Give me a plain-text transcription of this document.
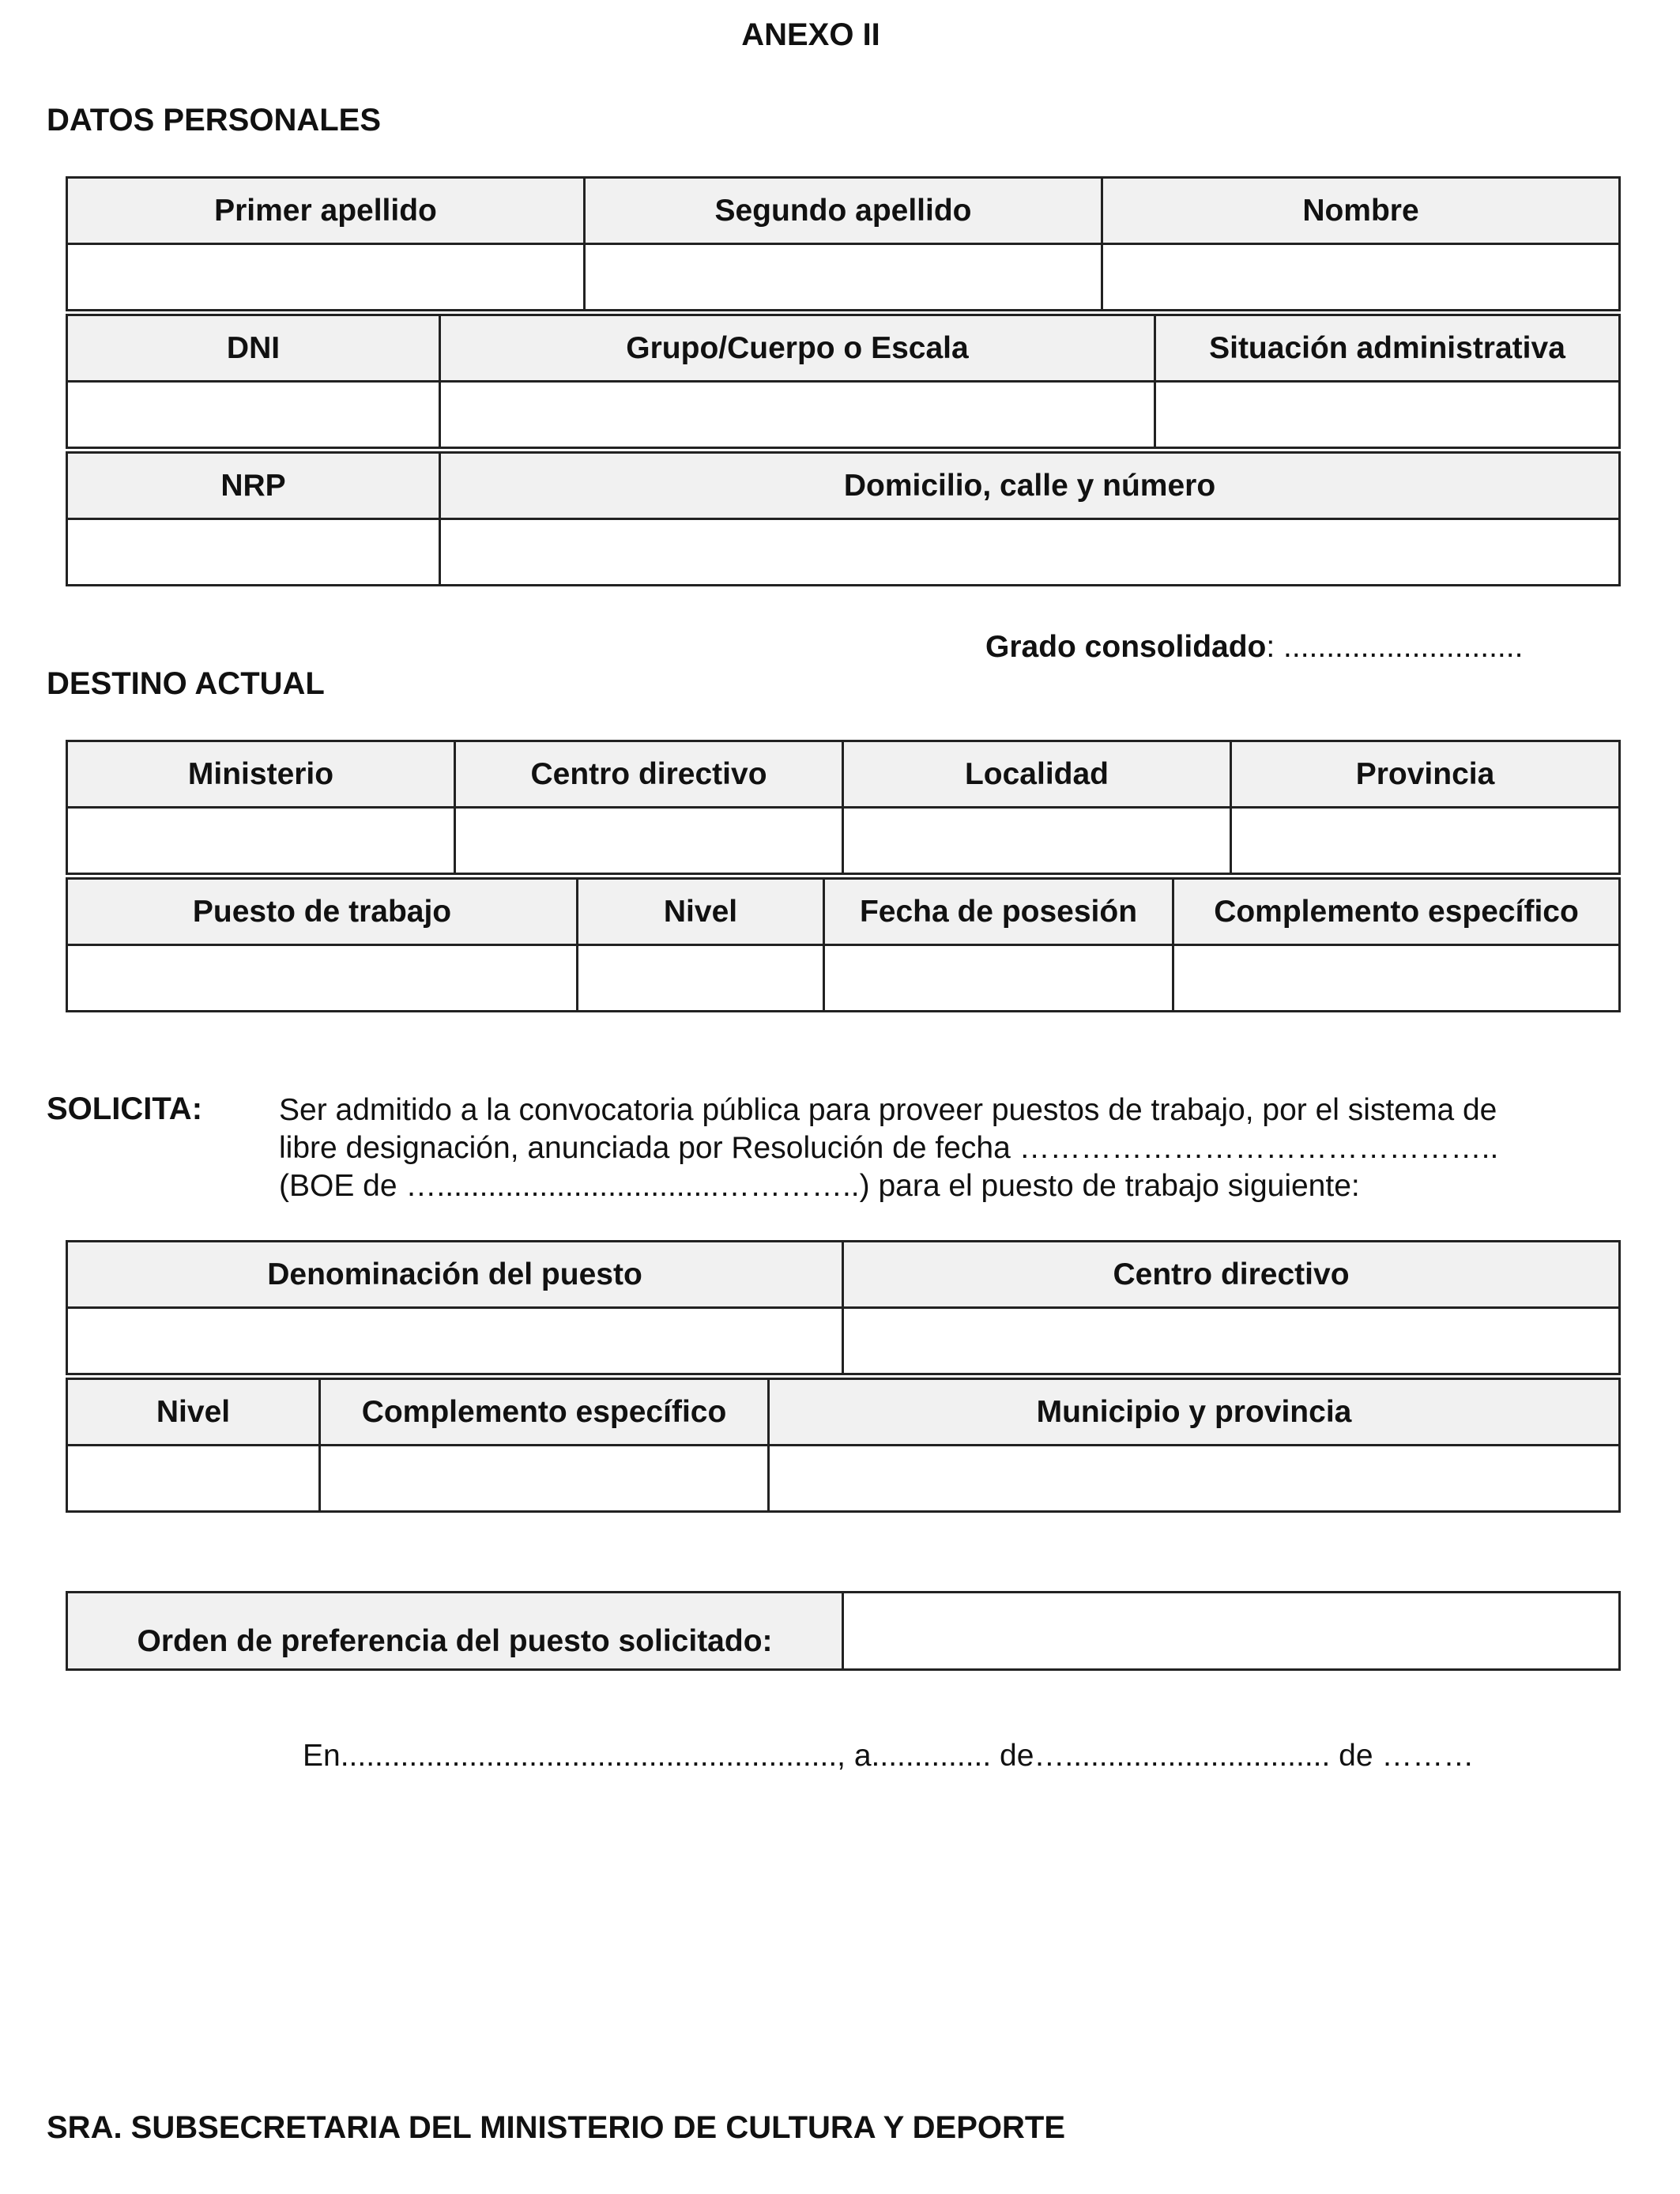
ANEXO II
DATOS PERSONALES
Primer apellido	Segundo apellido	Nombre

DNI	Grupo/Cuerpo o Escala	Situación administrativa

NRP	Domicilio, calle y número

Grado consolidado: ............................
DESTINO ACTUAL
Ministerio	Centro directivo	Localidad	Provincia

Puesto de trabajo	Nivel	Fecha de posesión	Complemento específico

SOLICITA: Ser admitido a la convocatoria pública para proveer puestos de trabajo, por el sistema de
libre designación, anunciada por Resolución de fecha ………………………………………..
(BOE de ….................................…………..) para el puesto de trabajo siguiente:
Denominación del puesto	Centro directivo

Nivel	Complemento específico	Municipio y provincia

Orden de preferencia del puesto solicitado:	
En.........................................................., a.............. de…............................... de ………
SRA. SUBSECRETARIA DEL MINISTERIO DE CULTURA Y DEPORTE
